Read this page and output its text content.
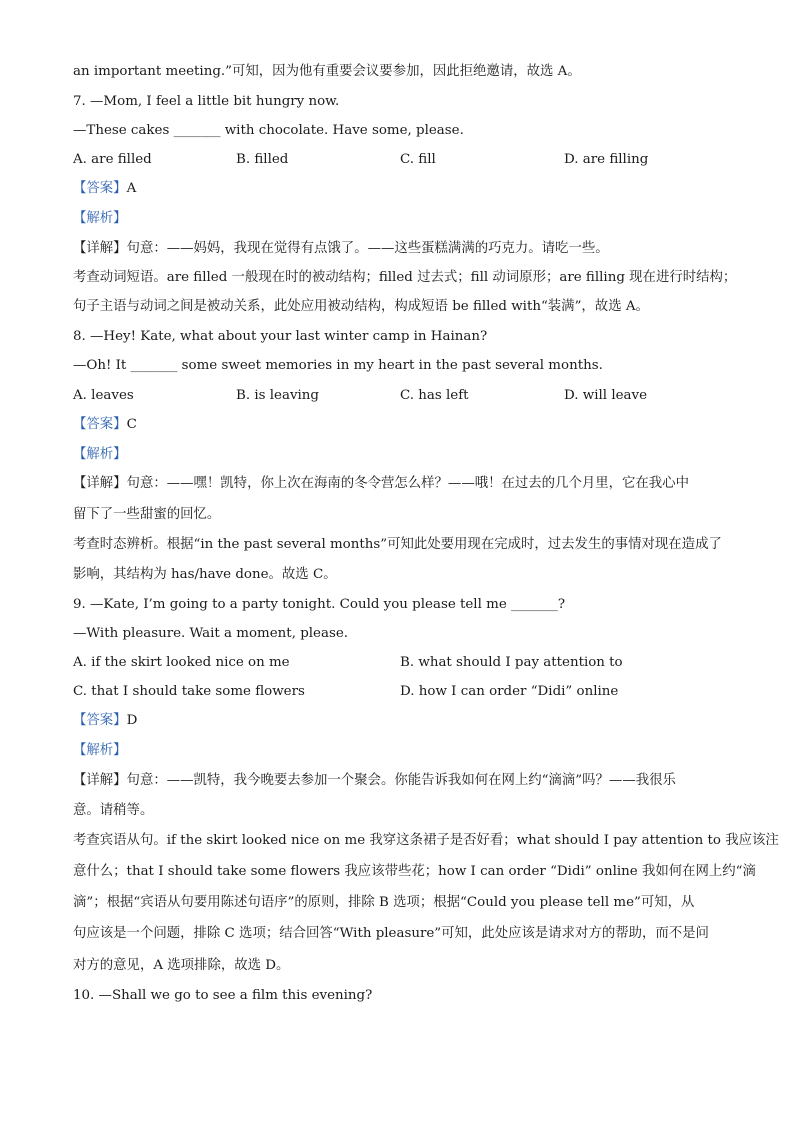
an important meeting.”可知，因为他有重要会议要参加，因此拒绝邀请，故选 A。
7. —Mom, I feel a little bit hungry now.
—These cakes _______ with chocolate. Have some, please.
A. are filled	B. filled	C. fill	D. are filling
【答案】A
【解析】
【详解】句意：——妈妈，我现在觉得有点饿了。——这些蛋糕满满的巧克力。请吃一些。
考查动词短语。are filled 一般现在时的被动结构；filled 过去式；fill 动词原形；are filling 现在进行时结构；
句子主语与动词之间是被动关系，此处应用被动结构，构成短语 be filled with“装满”，故选 A。
8. —Hey! Kate, what about your last winter camp in Hainan?
—Oh! It _______ some sweet memories in my heart in the past several months.
A. leaves	B. is leaving	C. has left	D. will leave
【答案】C
【解析】
【详解】句意：——嘿！凯特，你上次在海南的冬令营怎么样？——哦！在过去的几个月里，它在我心中
留下了一些甜蜜的回忆。
考查时态辨析。根据“in the past several months”可知此处要用现在完成时，过去发生的事情对现在造成了
影响，其结构为 has/have done。故选 C。
9. —Kate, I’m going to a party tonight. Could you please tell me _______?
—With pleasure. Wait a moment, please.
A. if the skirt looked nice on me	B. what should I pay attention to
C. that I should take some flowers	D. how I can order “Didi” online
【答案】D
【解析】
【详解】句意：——凯特，我今晚要去参加一个聚会。你能告诉我如何在网上约“滴滴”吗？——我很乐
意。请稍等。
考查宾语从句。if the skirt looked nice on me 我穿这条裙子是否好看；what should I pay attention to 我应该注
意什么；that I should take some flowers 我应该带些花；how I can order “Didi” online 我如何在网上约“滴
滴”；根据“宾语从句要用陈述句语序”的原则，排除 B 选项；根据“Could you please tell me”可知，从
句应该是一个问题，排除 C 选项；结合回答“With pleasure”可知，此处应该是请求对方的帮助，而不是问
对方的意见，A 选项排除，故选 D。
10. —Shall we go to see a film this evening?
